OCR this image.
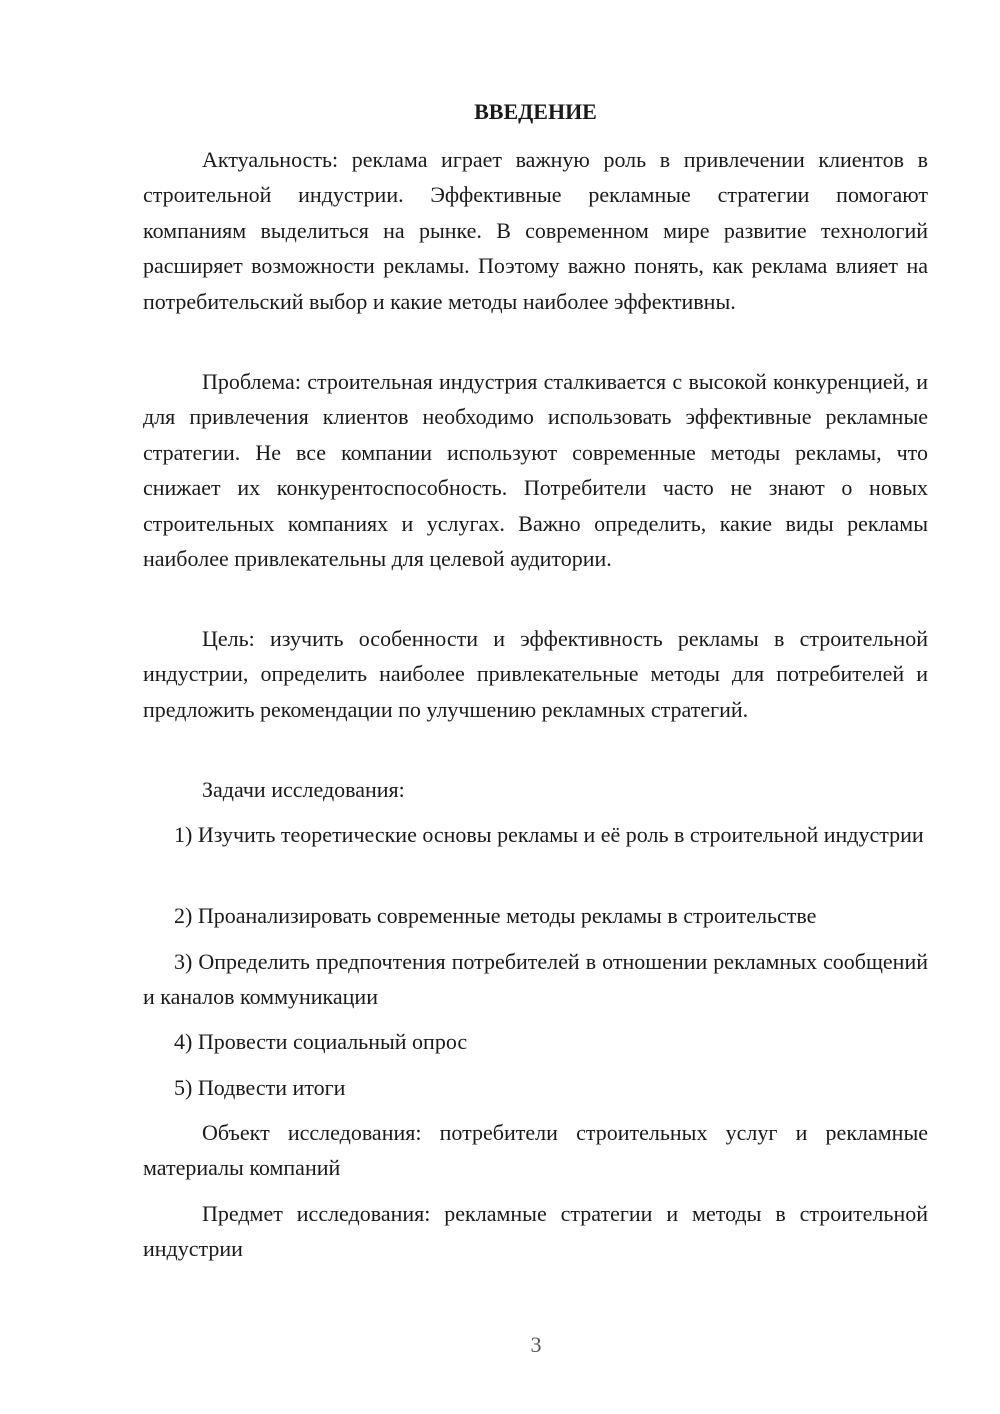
ВВЕДЕНИЕ

Актуальность: реклама играет важную роль в привлечении клиентов в строительной индустрии. Эффективные рекламные стратегии помогают компаниям выделиться на рынке. В современном мире развитие технологий расширяет возможности рекламы. Поэтому важно понять, как реклама влияет на потребительский выбор и какие методы наиболее эффективны.

Проблема: строительная индустрия сталкивается с высокой конкуренцией, и для привлечения клиентов необходимо использовать эффективные рекламные стратегии. Не все компании используют современные методы рекламы, что снижает их конкурентоспособность. Потребители часто не знают о новых строительных компаниях и услугах. Важно определить, какие виды рекламы наиболее привлекательны для целевой аудитории.

Цель: изучить особенности и эффективность рекламы в строительной индустрии, определить наиболее привлекательные методы для потребителей и предложить рекомендации по улучшению рекламных стратегий.

Задачи исследования:

1) Изучить теоретические основы рекламы и её роль в строительной индустрии

2) Проанализировать современные методы рекламы в строительстве

3) Определить предпочтения потребителей в отношении рекламных сообщений и каналов коммуникации

4) Провести социальный опрос

5) Подвести итоги

Объект исследования: потребители строительных услуг и рекламные материалы компаний

Предмет исследования: рекламные стратегии и методы в строительной индустрии

3
